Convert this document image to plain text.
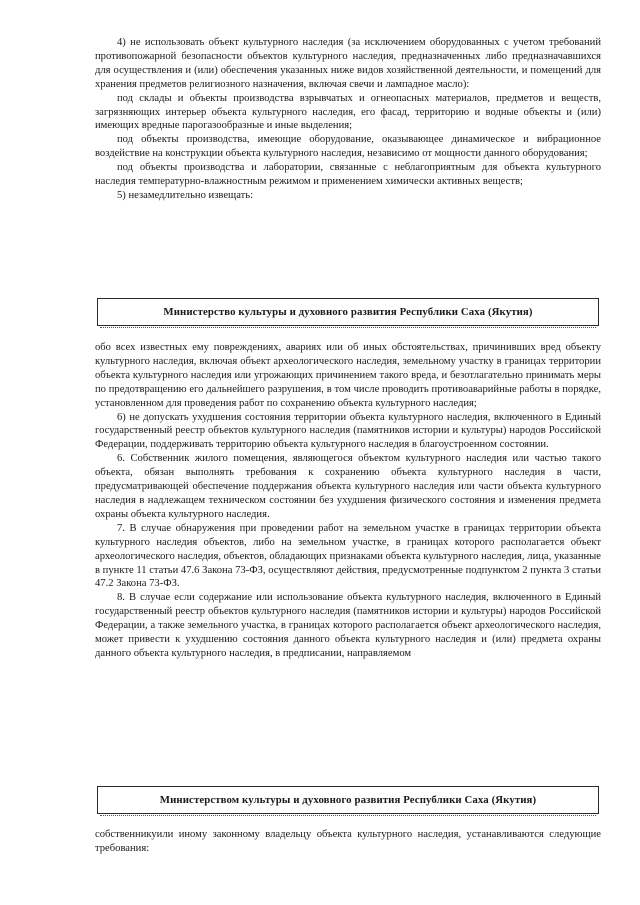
4) не использовать объект культурного наследия (за исключением оборудованных с учетом требований противопожарной безопасности объектов культурного наследия, предназначенных либо предназначавшихся для осуществления и (или) обеспечения указанных ниже видов хозяйственной деятельности, и помещений для хранения предметов религиозного назначения, включая свечи и лампадное масло):

под склады и объекты производства взрывчатых и огнеопасных материалов, предметов и веществ, загрязняющих интерьер объекта культурного наследия, его фасад, территорию и водные объекты и (или) имеющих вредные парогазообразные и иные выделения;

под объекты производства, имеющие оборудование, оказывающее динамическое и вибрационное воздействие на конструкции объекта культурного наследия, независимо от мощности данного оборудования;

под объекты производства и лаборатории, связанные с неблагоприятным для объекта культурного наследия температурно-влажностным режимом и применением химически активных веществ;

5) незамедлительно извещать:

Министерство культуры и духовного развития Республики Саха (Якутия)

обо всех известных ему повреждениях, авариях или об иных обстоятельствах, причинивших вред объекту культурного наследия, включая объект археологического наследия, земельному участку в границах территории объекта культурного наследия или угрожающих причинением такого вреда, и безотлагательно принимать меры по предотвращению его дальнейшего разрушения, в том числе проводить противоаварийные работы в порядке, установленном для проведения работ по сохранению объекта культурного наследия;

6) не допускать ухудшения состояния территории объекта культурного наследия, включенного в Единый государственный реестр объектов культурного наследия (памятников истории и культуры) народов Российской Федерации, поддерживать территорию объекта культурного наследия в благоустроенном состоянии.

6. Собственник жилого помещения, являющегося объектом культурного наследия или частью такого объекта, обязан выполнять требования к сохранению объекта культурного наследия в части, предусматривающей обеспечение поддержания объекта культурного наследия или части объекта культурного наследия в надлежащем техническом состоянии без ухудшения физического состояния и изменения предмета охраны объекта культурного наследия.

7. В случае обнаружения при проведении работ на земельном участке в границах территории объекта культурного наследия объектов, либо на земельном участке, в границах которого располагается объект археологического наследия, объектов, обладающих признаками объекта культурного наследия, лица, указанные в пункте 11 статьи 47.6 Закона 73-ФЗ, осуществляют действия, предусмотренные подпунктом 2 пункта 3 статьи 47.2 Закона 73-ФЗ.

8. В случае если содержание или использование объекта культурного наследия, включенного в Единый государственный реестр объектов культурного наследия (памятников истории и культуры) народов Российской Федерации, а также земельного участка, в границах которого располагается объект археологического наследия, может привести к ухудшению состояния данного объекта культурного наследия и (или) предмета охраны данного объекта культурного наследия, в предписании, направляемом

Министерством культуры и духовного развития Республики Саха (Якутия)

собственникуили иному законному владельцу объекта культурного наследия, устанавливаются следующие требования:
